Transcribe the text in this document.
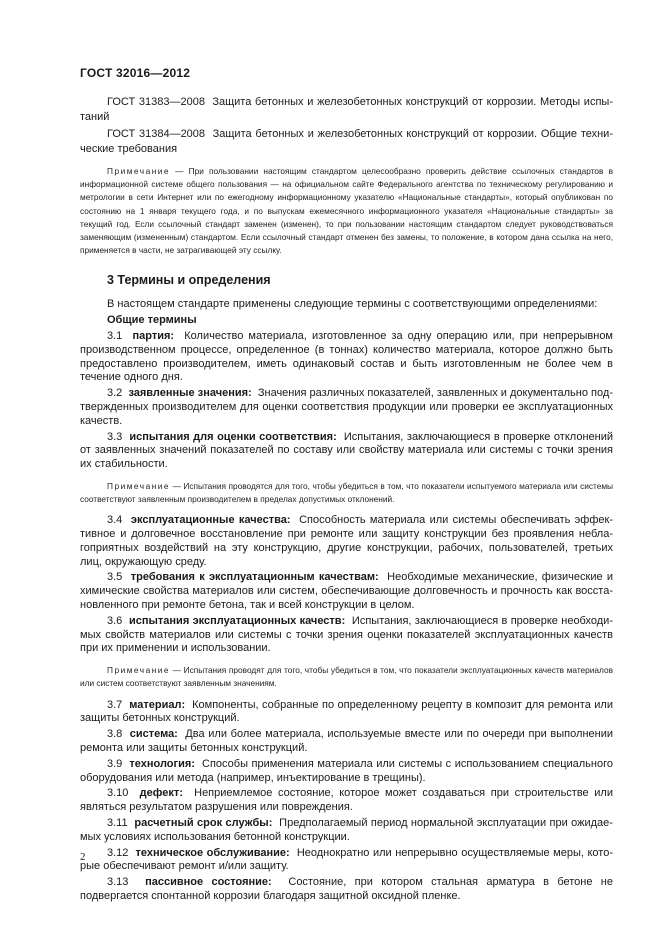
ГОСТ 32016—2012

ГОСТ 31383—2008 Защита бетонных и железобетонных конструкций от коррозии. Методы испытаний

ГОСТ 31384—2008 Защита бетонных и железобетонных конструкций от коррозии. Общие технические требования

Примечание — При пользовании настоящим стандартом целесообразно проверить действие ссылочных стандартов в информационной системе общего пользования — на официальном сайте Федерального агентства по техническому регулированию и метрологии в сети Интернет или по ежегодному информационному указателю «Национальные стандарты», который опубликован по состоянию на 1 января текущего года, и по выпускам ежемесячного информационного указателя «Национальные стандарты» за текущий год. Если ссылочный стандарт заменен (изменен), то при пользовании настоящим стандартом следует руководствоваться заменяющим (измененным) стандартом. Если ссылочный стандарт отменен без замены, то положение, в котором дана ссылка на него, применяется в части, не затрагивающей эту ссылку.

3 Термины и определения

В настоящем стандарте применены следующие термины с соответствующими определениями:

Общие термины

3.1 партия: Количество материала, изготовленное за одну операцию или, при непрерывном производственном процессе, определенное (в тоннах) количество материала, которое должно быть предоставлено производителем, иметь одинаковый состав и быть изготовленным не более чем в течение одного дня.

3.2 заявленные значения: Значения различных показателей, заявленных и документально подтвержденных производителем для оценки соответствия продукции или проверки ее эксплуатационных качеств.

3.3 испытания для оценки соответствия: Испытания, заключающиеся в проверке отклонений от заявленных значений показателей по составу или свойству материала или системы с точки зрения их стабильности.

Примечание — Испытания проводятся для того, чтобы убедиться в том, что показатели испытуемого материала или системы соответствуют заявленным производителем в пределах допустимых отклонений.

3.4 эксплуатационные качества: Способность материала или системы обеспечивать эффективное и долговечное восстановление при ремонте или защиту конструкции без проявления неблагоприятных воздействий на эту конструкцию, другие конструкции, рабочих, пользователей, третьих лиц, окружающую среду.

3.5 требования к эксплуатационным качествам: Необходимые механические, физические и химические свойства материалов или систем, обеспечивающие долговечность и прочность как восстановленного при ремонте бетона, так и всей конструкции в целом.

3.6 испытания эксплуатационных качеств: Испытания, заключающиеся в проверке необходимых свойств материалов или системы с точки зрения оценки показателей эксплуатационных качеств при их применении и использовании.

Примечание — Испытания проводят для того, чтобы убедиться в том, что показатели эксплуатационных качеств материалов или систем соответствуют заявленным значениям.

3.7 материал: Компоненты, собранные по определенному рецепту в композит для ремонта или защиты бетонных конструкций.

3.8 система: Два или более материала, используемые вместе или по очереди при выполнении ремонта или защиты бетонных конструкций.

3.9 технология: Способы применения материала или системы с использованием специального оборудования или метода (например, инъектирование в трещины).

3.10 дефект: Неприемлемое состояние, которое может создаваться при строительстве или являться результатом разрушения или повреждения.

3.11 расчетный срок службы: Предполагаемый период нормальной эксплуатации при ожидаемых условиях использования бетонной конструкции.

3.12 техническое обслуживание: Неоднократно или непрерывно осуществляемые меры, которые обеспечивают ремонт и/или защиту.

3.13 пассивное состояние: Состояние, при котором стальная арматура в бетоне не подвергается спонтанной коррозии благодаря защитной оксидной пленке.

2
